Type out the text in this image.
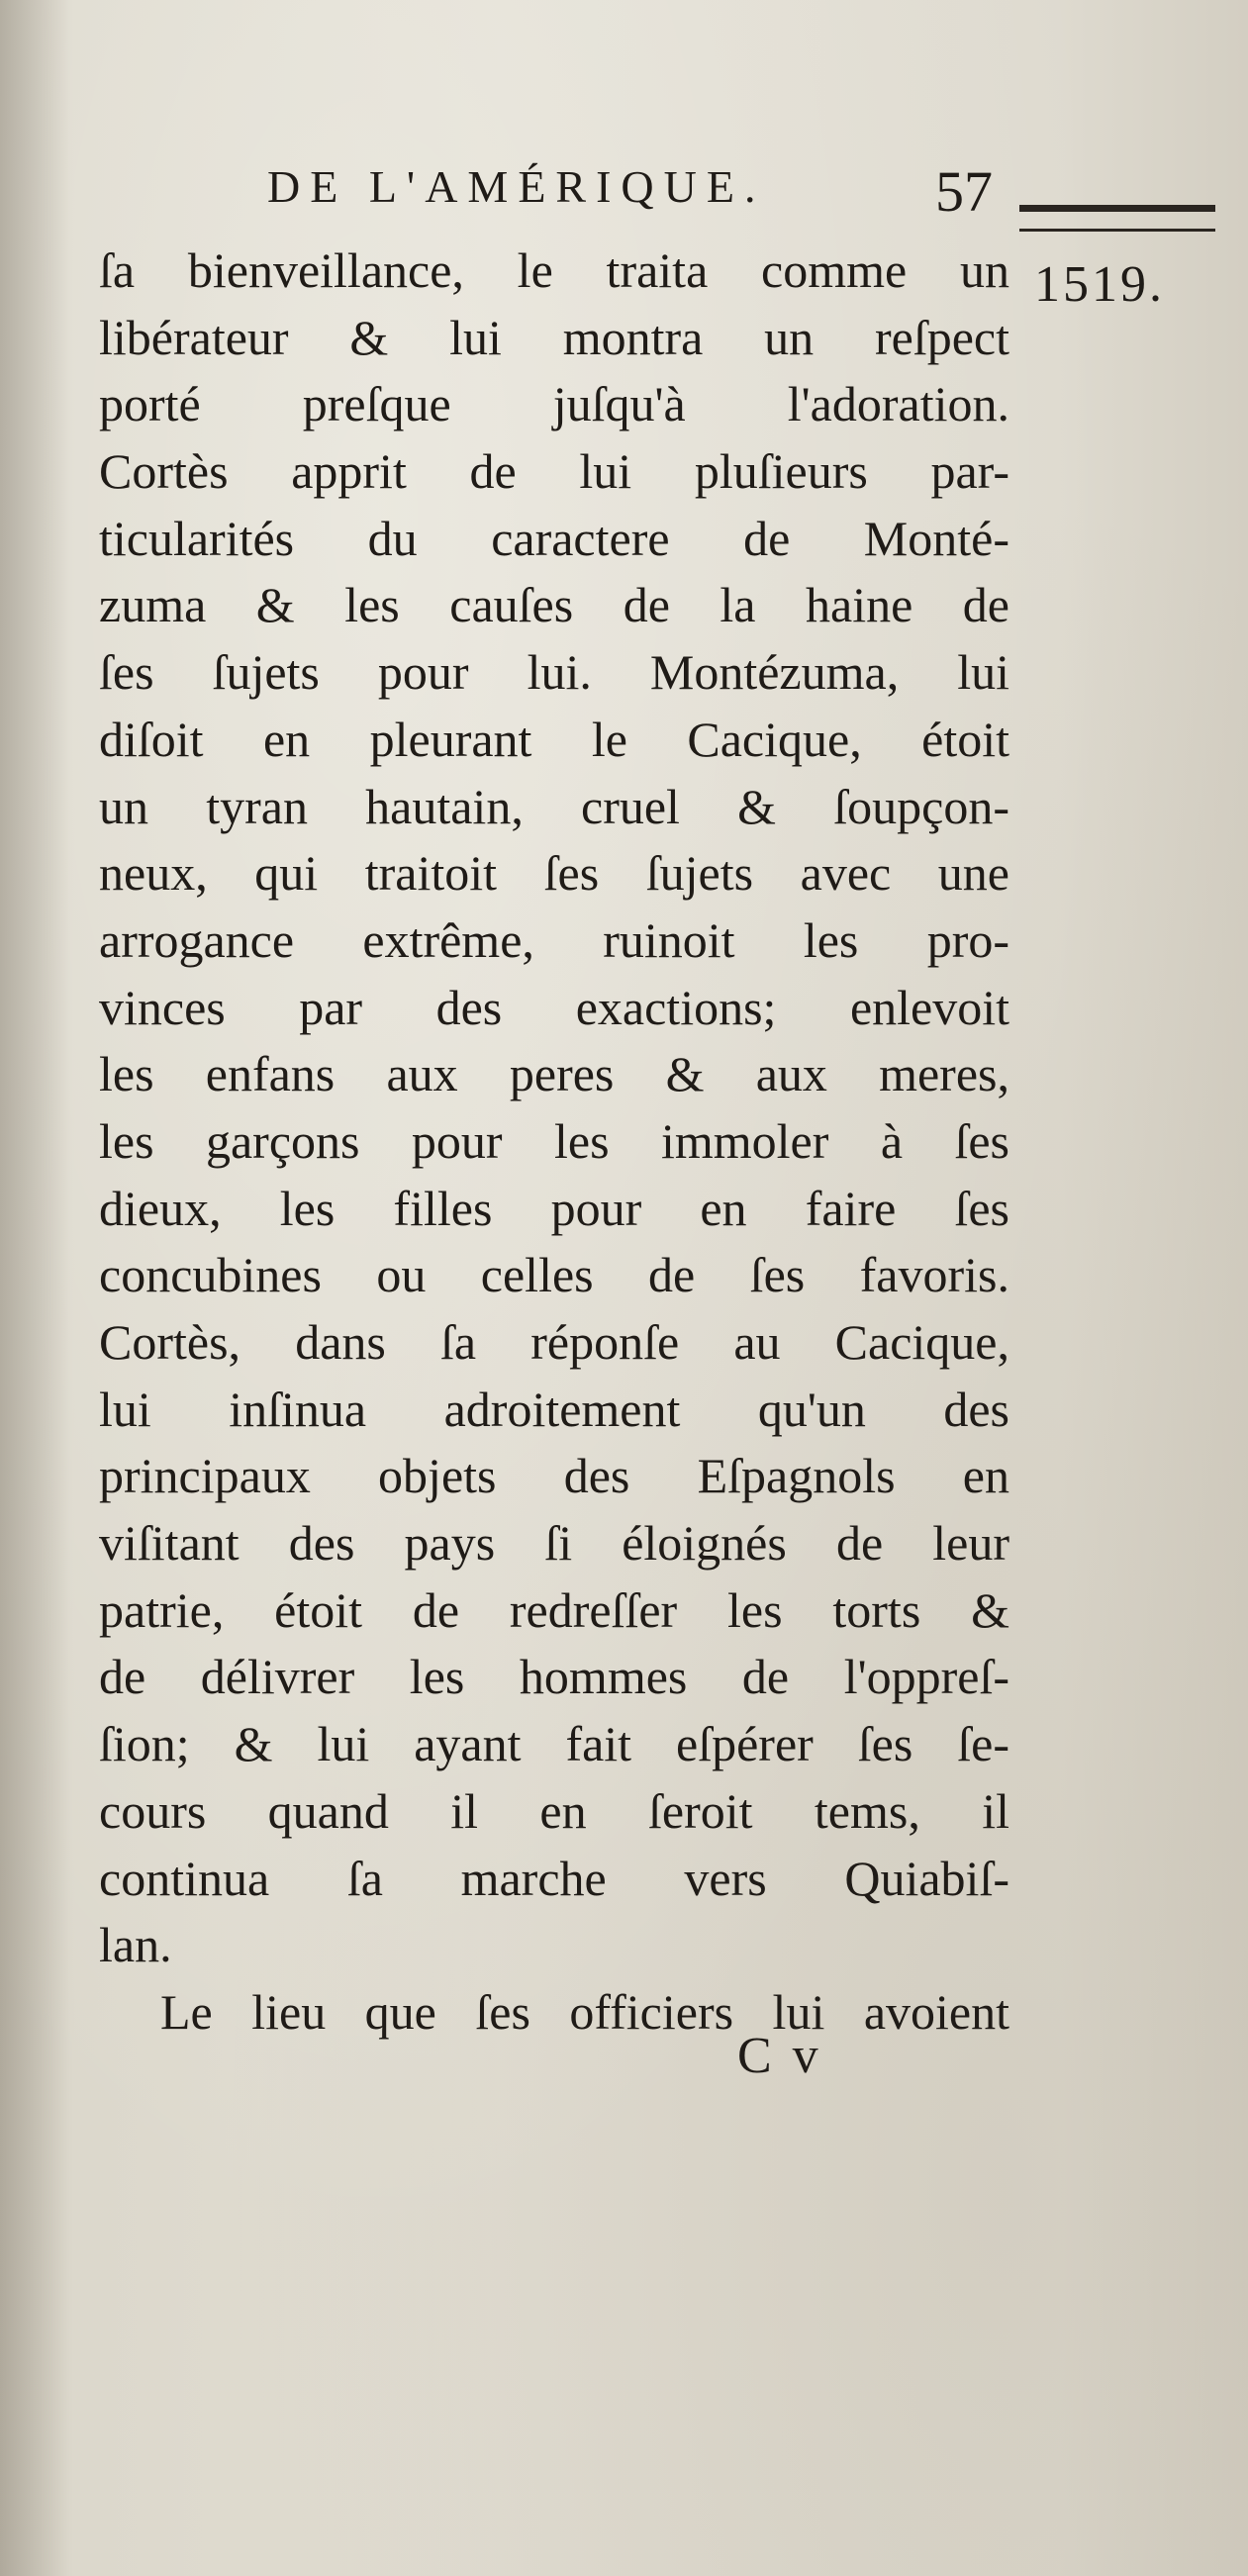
DE L'AMÉRIQUE.	57
1519.
ſa bienveillance, le traita comme un
libérateur & lui montra un reſpect
porté preſque juſqu'à l'adoration.
Cortès apprit de lui pluſieurs par-
ticularités du caractere de Monté-
zuma & les cauſes de la haine de
ſes ſujets pour lui. Montézuma, lui
diſoit en pleurant le Cacique, étoit
un tyran hautain, cruel & ſoupçon-
neux, qui traitoit ſes ſujets avec une
arrogance extrême, ruinoit les pro-
vinces par des exactions; enlevoit
les enfans aux peres & aux meres,
les garçons pour les immoler à ſes
dieux, les filles pour en faire ſes
concubines ou celles de ſes favoris.
Cortès, dans ſa réponſe au Cacique,
lui inſinua adroitement qu'un des
principaux objets des Eſpagnols en
viſitant des pays ſi éloignés de leur
patrie, étoit de redreſſer les torts &
de délivrer les hommes de l'oppreſ-
ſion; & lui ayant fait eſpérer ſes ſe-
cours quand il en ſeroit tems, il
continua ſa marche vers Quiabiſ-
lan.
Le lieu que ſes officiers lui avoient
C v
